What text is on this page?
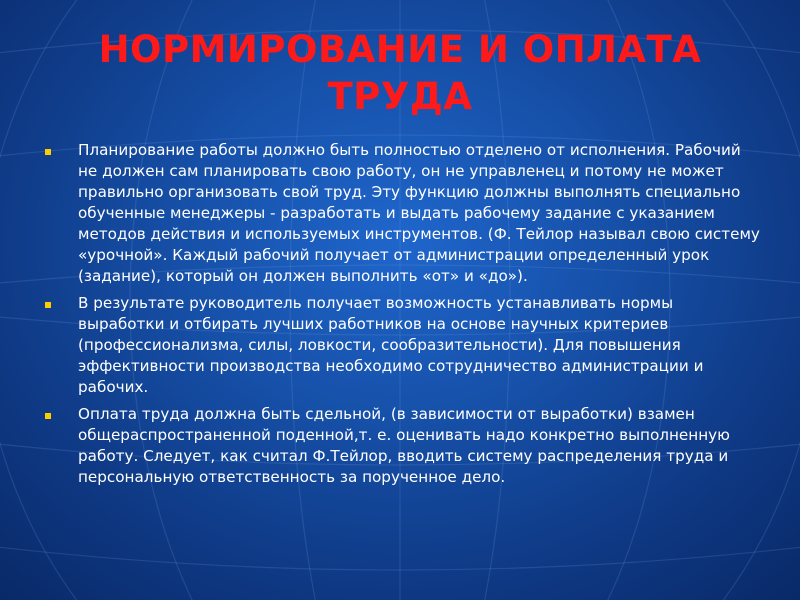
НОРМИРОВАНИЕ И ОПЛАТА
ТРУДА
Планирование работы должно быть полностью отделено от исполнения. Рабочий не должен сам планировать свою работу, он не управленец и потому не может правильно организовать свой труд. Эту функцию должны выполнять специально обученные менеджеры - разработать и выдать рабочему задание с указанием методов действия и используемых инструментов. (Ф. Тейлор называл свою систему «урочной». Каждый рабочий получает от администрации определенный урок (задание), который он должен выполнить «от» и «до»).
В результате руководитель получает возможность устанавливать нормы выработки и отбирать лучших работников на основе научных критериев (профессионализма, силы, ловкости, сообразительности). Для повышения эффективности производства необходимо сотрудничество администрации и рабочих.
Оплата труда должна быть сдельной, (в зависимости от выработки) взамен общераспространенной поденной,т. е. оценивать надо конкретно выполненную работу. Следует, как считал Ф.Тейлор, вводить систему распределения труда и персональную ответственность за порученное дело.
